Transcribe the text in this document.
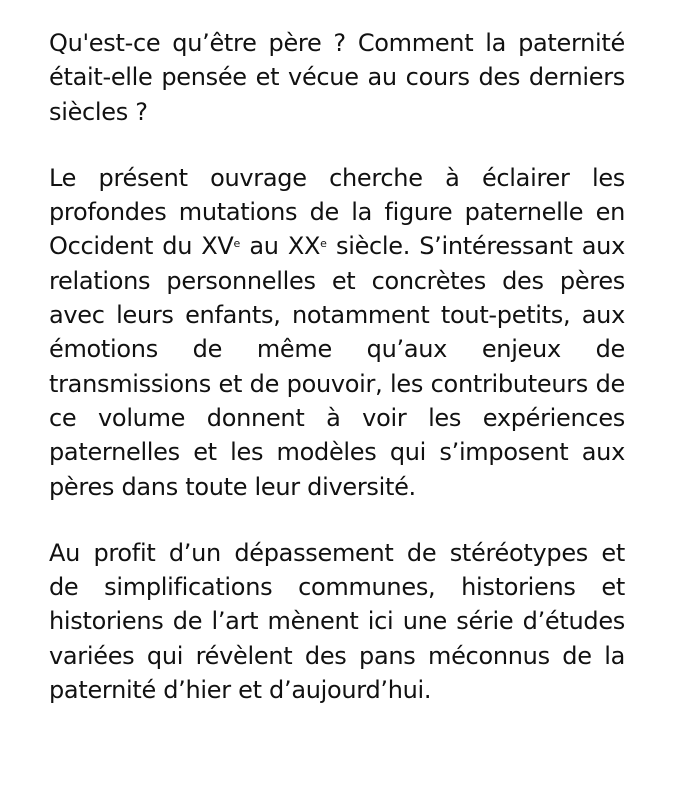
Qu'est-ce qu’être père ? Comment la paternité était-elle pensée et vécue au cours des derniers siècles ?

Le présent ouvrage cherche à éclairer les profondes mutations de la figure paternelle en Occident du XVe au XXe siècle. S’intéressant aux relations personnelles et concrètes des pères avec leurs enfants, notamment tout-petits, aux émotions de même qu’aux enjeux de transmissions et de pouvoir, les contributeurs de ce volume donnent à voir les expériences paternelles et les modèles qui s’imposent aux pères dans toute leur diversité.

Au profit d’un dépassement de stéréotypes et de simplifications communes, historiens et historiens de l’art mènent ici une série d’études variées qui révèlent des pans méconnus de la paternité d’hier et d’aujourd’hui.
